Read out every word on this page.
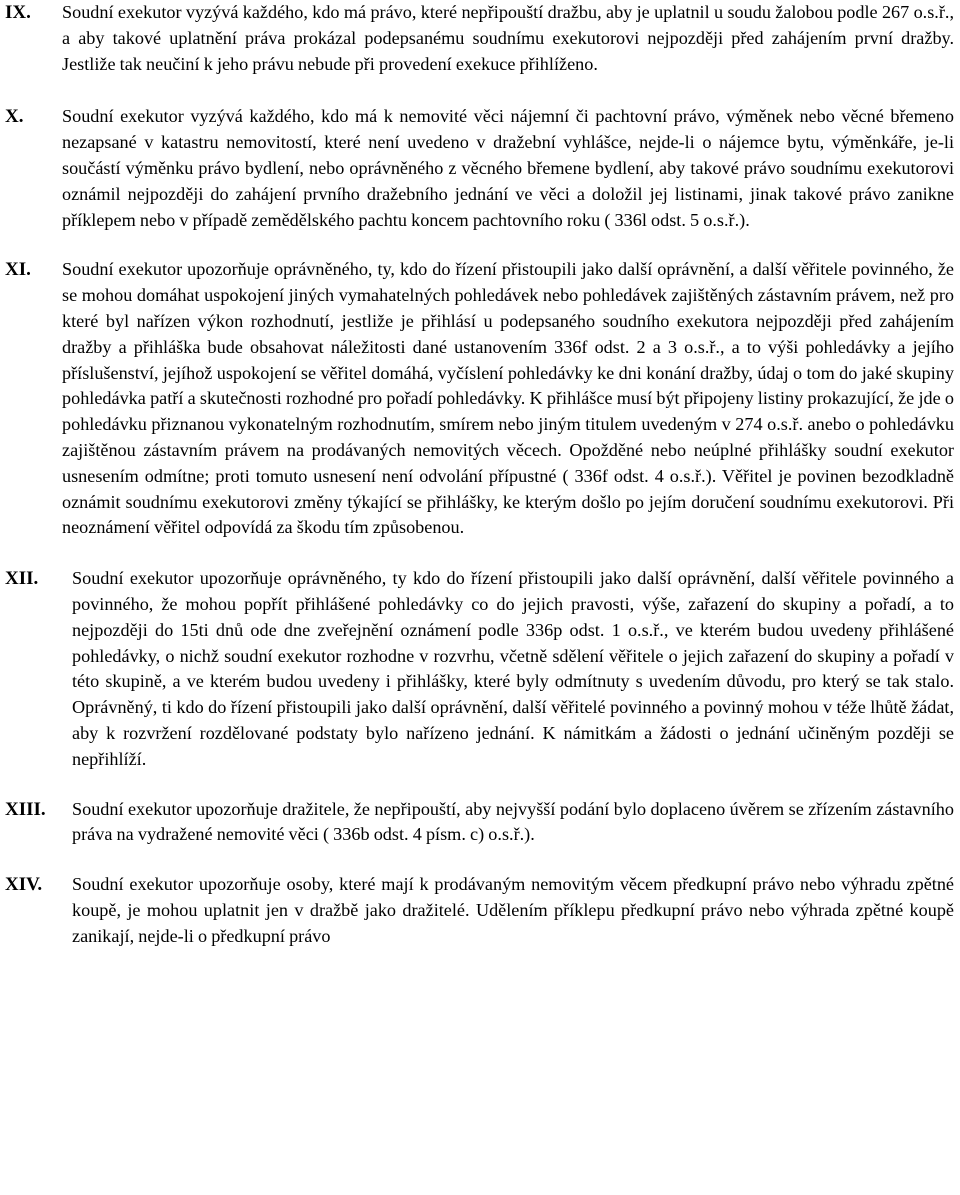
IX.	Soudní exekutor vyzývá každého, kdo má právo, které nepřipouští dražbu, aby je uplatnil u soudu žalobou podle 267 o.s.ř., a aby takové uplatnění práva prokázal podepsanému soudnímu exekutorovi nejpozději před zahájením první dražby. Jestliže tak neučiní k jeho právu nebude při provedení exekuce přihlíženo.
X.	Soudní exekutor vyzývá každého, kdo má k nemovité věci nájemní či pachtovní právo, výměnek nebo věcné břemeno nezapsané v katastru nemovitostí, které není uvedeno v dražební vyhlášce, nejde-li o nájemce bytu, výměnkáře, je-li součástí výměnku právo bydlení, nebo oprávněného z věcného břemene bydlení, aby takové právo soudnímu exekutorovi oznámil nejpozději do zahájení prvního dražebního jednání ve věci a doložil jej listinami, jinak takové právo zanikne příklepem nebo v případě zemědělského pachtu koncem pachtovního roku ( 336l odst. 5 o.s.ř.).
XI.	Soudní exekutor upozorňuje oprávněného, ty, kdo do řízení přistoupili jako další oprávnění, a další věřitele povinného, že se mohou domáhat uspokojení jiných vymahatelných pohledávek nebo pohledávek zajištěných zástavním právem, než pro které byl nařízen výkon rozhodnutí, jestliže je přihlásí u podepsaného soudního exekutora nejpozději před zahájením dražby a přihláška bude obsahovat náležitosti dané ustanovením 336f odst. 2 a 3 o.s.ř., a to výši pohledávky a jejího příslušenství, jejíhož uspokojení se věřitel domáhá, vyčíslení pohledávky ke dni konání dražby, údaj o tom do jaké skupiny pohledávka patří a skutečnosti rozhodné pro pořadí pohledávky. K přihlášce musí být připojeny listiny prokazující, že jde o pohledávku přiznanou vykonatelným rozhodnutím, smírem nebo jiným titulem uvedeným v 274 o.s.ř. anebo o pohledávku zajištěnou zástavním právem na prodávaných nemovitých věcech. Opožděné nebo neúplné přihlášky soudní exekutor usnesením odmítne; proti tomuto usnesení není odvolání přípustné ( 336f odst. 4 o.s.ř.). Věřitel je povinen bezodkladně oznámit soudnímu exekutorovi změny týkající se přihlášky, ke kterým došlo po jejím doručení soudnímu exekutorovi. Při neoznámení věřitel odpovídá za škodu tím způsobenou.
XII.	Soudní exekutor upozorňuje oprávněného, ty kdo do řízení přistoupili jako další oprávnění, další věřitele povinného a povinného, že mohou popřít přihlášené pohledávky co do jejich pravosti, výše, zařazení do skupiny a pořadí, a to nejpozději do 15ti dnů ode dne zveřejnění oznámení podle 336p odst. 1 o.s.ř., ve kterém budou uvedeny přihlášené pohledávky, o nichž soudní exekutor rozhodne v rozvrhu, včetně sdělení věřitele o jejich zařazení do skupiny a pořadí v této skupině, a ve kterém budou uvedeny i přihlášky, které byly odmítnuty s uvedením důvodu, pro který se tak stalo. Oprávněný, ti kdo do řízení přistoupili jako další oprávnění, další věřitelé povinného a povinný mohou v téže lhůtě žádat, aby k rozvržení rozdělované podstaty bylo nařízeno jednání. K námitkám a žádosti o jednání učiněným později se nepřihlíží.
XIII.	Soudní exekutor upozorňuje dražitele, že nepřipouští, aby nejvyšší podání bylo doplaceno úvěrem se zřízením zástavního práva na vydražené nemovité věci ( 336b odst. 4 písm. c) o.s.ř.).
XIV.	Soudní exekutor upozorňuje osoby, které mají k prodávaným nemovitým věcem předkupní právo nebo výhradu zpětné koupě, je mohou uplatnit jen v dražbě jako dražitelé. Udělením příklepu předkupní právo nebo výhrada zpětné koupě zanikají, nejde-li o předkupní právo
